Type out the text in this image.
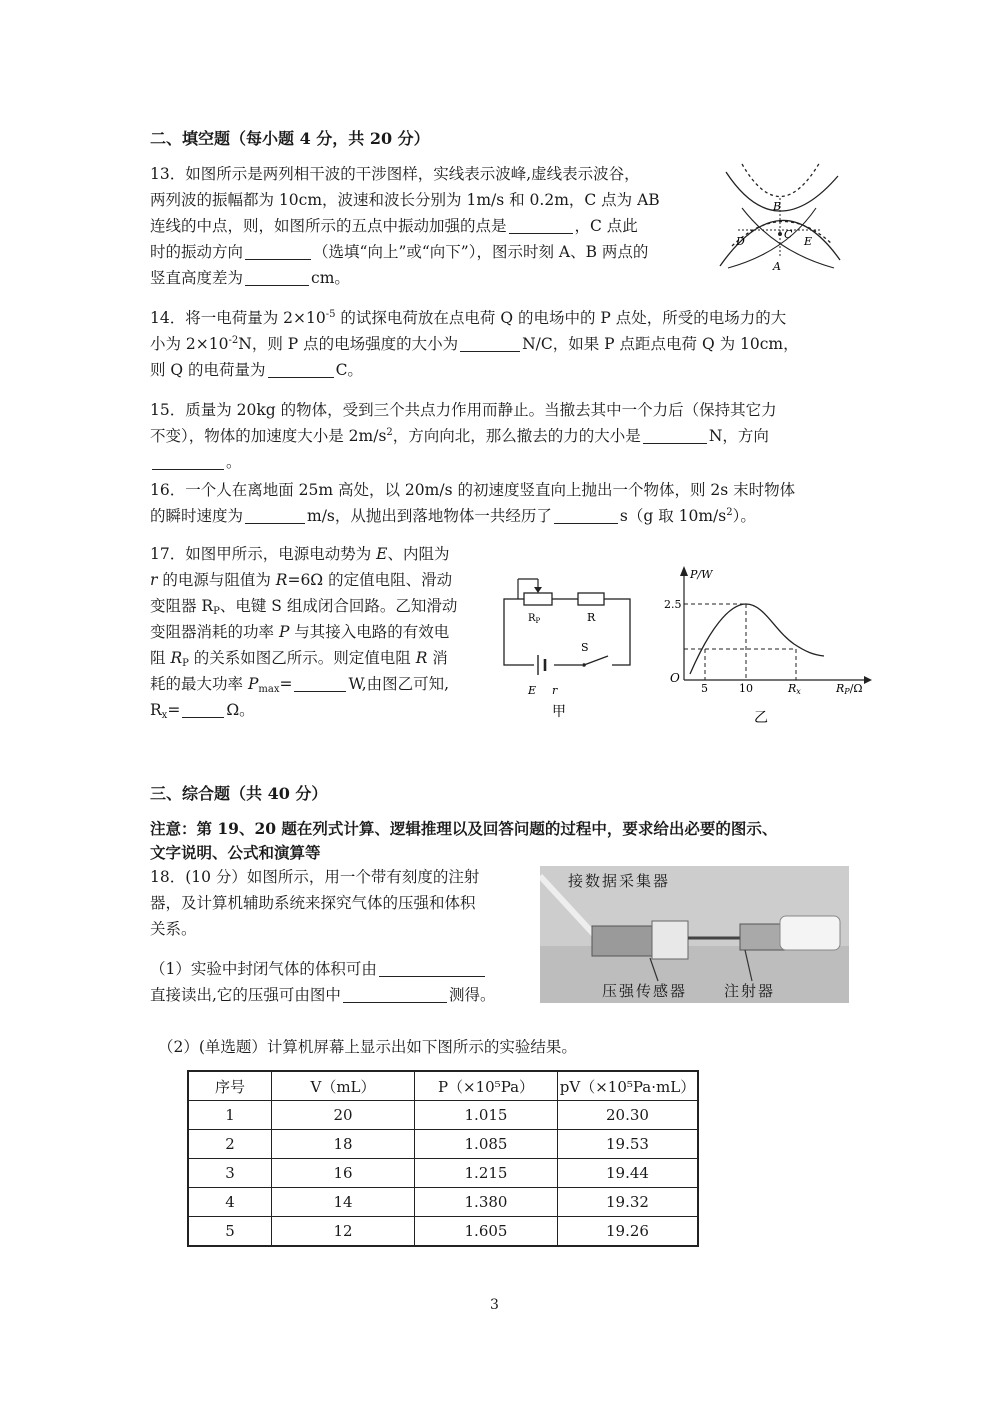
二、填空题（每小题 4 分，共 20 分）
13．如图所示是两列相干波的干涉图样，实线表示波峰,虚线表示波谷，
两列波的振幅都为 10cm，波速和波长分别为 1m/s 和 0.2m，C 点为 AB
连线的中点，则，如图所示的五点中振动加强的点是	，C 点此
时的振动方向	（选填“向上”或“向下”），图示时刻 A、B 两点的
竖直高度差为	cm。
B
C
D	E
A
14．将一电荷量为 $2\times 10^{-5}$ 的试探电荷放在点电荷 Q 的电场中的 P 点处，所受的电场力的大
小为 $2\times 10^{-2}N$，则 P 点的电场强度的大小为	N/C，如果 P 点距点电荷 Q 为 10cm，
则 Q 的电荷量为	C。
15．质量为 20kg 的物体，受到三个共点力作用而静止。当撤去其中一个力后（保持其它力
不变），物体的加速度大小是 $2m/s^2$，方向向北，那么撤去的力的大小是	N，方向
。
16．一个人在离地面 25m 高处，以 20m/s 的初速度竖直向上抛出一个物体，则 2s 末时物体
的瞬时速度为	m/s，从抛出到落地物体一共经历了	s（g 取 $10m/s^2$）。
17．如图甲所示，电源电动势为 E、内阻为
r 的电源与阻值为 R=6Ω 的定值电阻、滑动
变阻器 $R_P$、电键 S 组成闭合回路。乙知滑动
变阻器消耗的功率 P 与其接入电路的有效电
阻 $R_P$ 的关系如图乙所示。则定值电阻 R 消
耗的最大功率 $P_{max}=$	W,由图乙可知,
$R_x=$	Ω。
$R_P$	R
S
E r
甲
P/W
2.5
O
5	10	Rx	RP/Ω
乙
三、综合题（共 40 分）
注意：第 19、20 题在列式计算、逻辑推理以及回答问题的过程中，要求给出必要的图示、
文字说明、公式和演算等
18．(10 分）如图所示，用一个带有刻度的注射
器，及计算机辅助系统来探究气体的压强和体积
关系。
（1）实验中封闭气体的体积可由
直接读出,它的压强可由图中	测得。
接数据采集器
压强传感器 注射器
（2）(单选题）计算机屏幕上显示出如下图所示的实验结果。
序号	V（mL）	P（×10⁵Pa）	pV（×10⁵Pa·mL）
1	20	1.015	20.30
2	18	1.085	19.53
3	16	1.215	19.44
4	14	1.380	19.32
5	12	1.605	19.26
3
